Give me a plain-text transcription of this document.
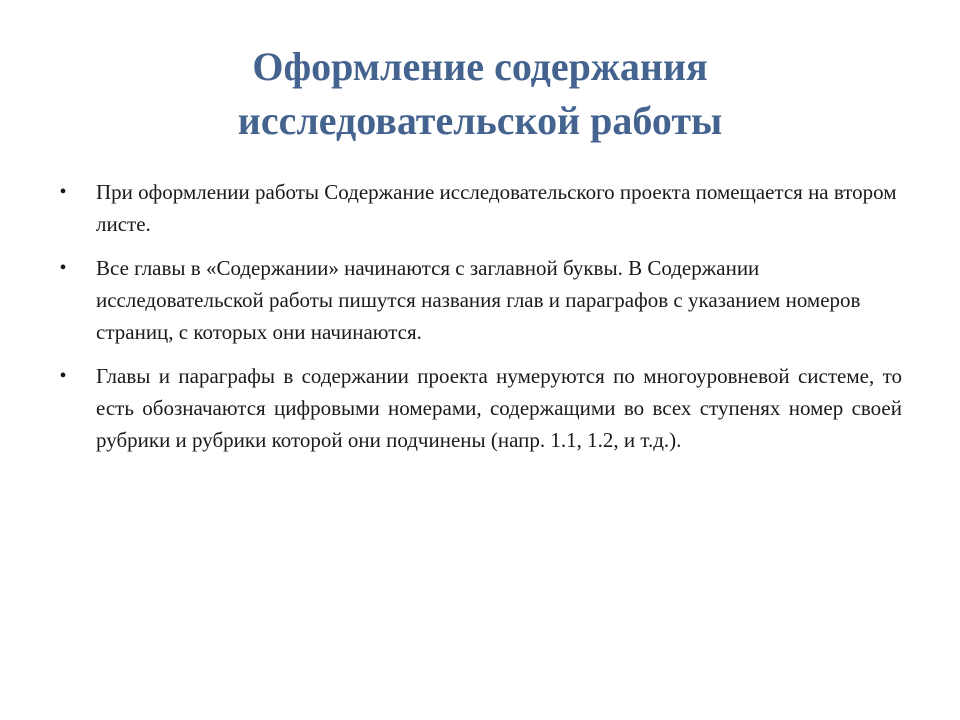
Оформление содержания
исследовательской работы
• При оформлении работы Содержание исследовательского проекта помещается на втором листе.
• Все главы в «Содержании» начинаются с заглавной буквы. В Содержании исследовательской работы пишутся названия глав и параграфов с указанием номеров страниц, с которых они начинаются.
• Главы и параграфы в содержании проекта нумеруются по многоуровневой системе, то есть обозначаются цифровыми номерами, содержащими во всех ступенях номер своей рубрики и рубрики которой они подчинены (напр. 1.1, 1.2, и т.д.).
